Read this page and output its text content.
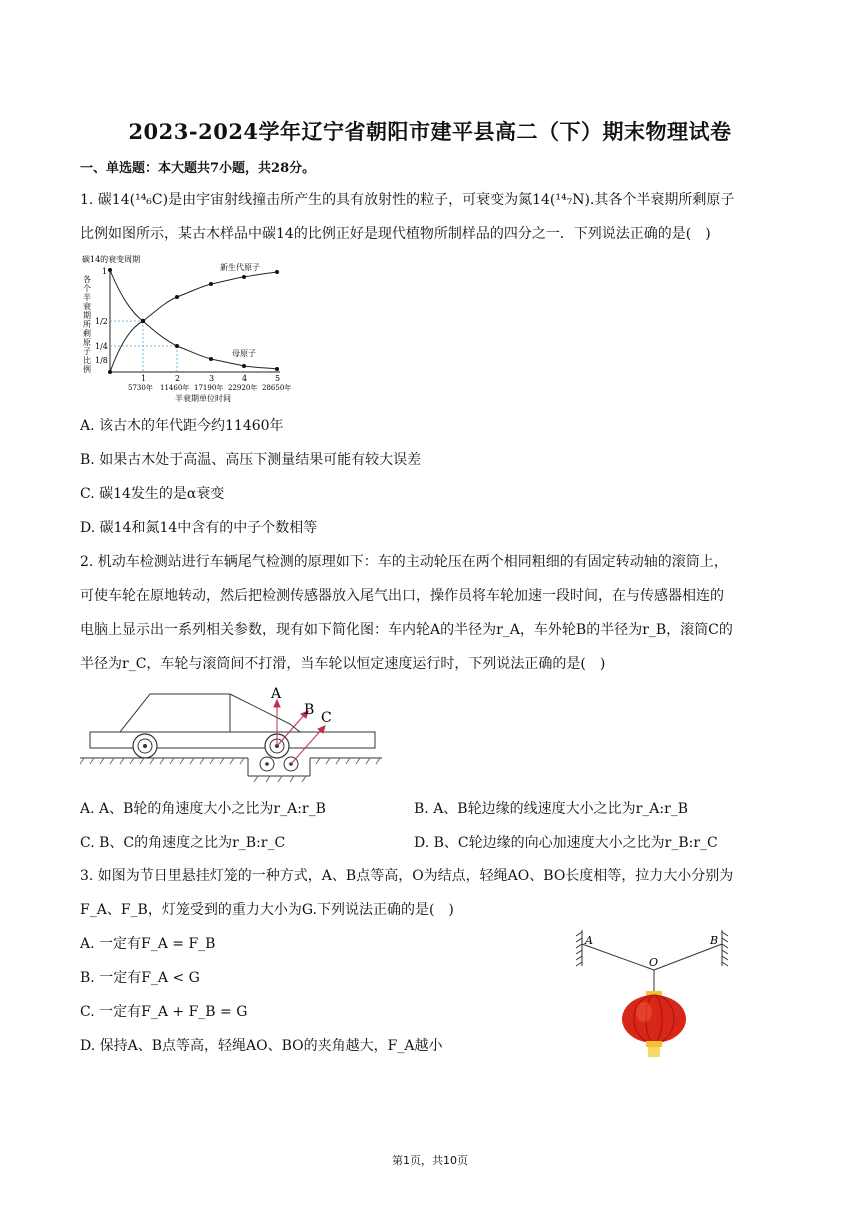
2023-2024学年辽宁省朝阳市建平县高二（下）期末物理试卷
一、单选题：本大题共7小题，共28分。
1. 碳14(¹⁴₆C)是由宇宙射线撞击所产生的具有放射性的粒子，可衰变为氮14(¹⁴₇N).其各个半衰期所剩原子
比例如图所示，某古木样品中碳14的比例正好是现代植物所制样品的四分之一．下列说法正确的是(　)
碳14的衰变周期
各个半衰期所剩原子比例
1
1/2
1/4
1/8
新生代原子
母原子
1	2	3	4	5
5730年 11460年 17190年 22920年 28650年
半衰期单位时间
A. 该古木的年代距今约11460年
B. 如果古木处于高温、高压下测量结果可能有较大误差
C. 碳14发生的是α衰变
D. 碳14和氮14中含有的中子个数相等
2. 机动车检测站进行车辆尾气检测的原理如下：车的主动轮压在两个相同粗细的有固定转动轴的滚筒上，
可使车轮在原地转动，然后把检测传感器放入尾气出口，操作员将车轮加速一段时间，在与传感器相连的
电脑上显示出一系列相关参数，现有如下简化图：车内轮A的半径为r_A，车外轮B的半径为r_B，滚筒C的
半径为r_C，车轮与滚筒间不打滑，当车轮以恒定速度运行时，下列说法正确的是(　)
A
B C
A. A、B轮的角速度大小之比为r_A:r_B	B. A、B轮边缘的线速度大小之比为r_A:r_B
C. B、C的角速度之比为r_B:r_C	D. B、C轮边缘的向心加速度大小之比为r_B:r_C
3. 如图为节日里悬挂灯笼的一种方式，A、B点等高，O为结点，轻绳AO、BO长度相等，拉力大小分别为
F_A、F_B，灯笼受到的重力大小为G.下列说法正确的是(　)
A. 一定有F_A = F_B
B. 一定有F_A < G
C. 一定有F_A + F_B = G
D. 保持A、B点等高，轻绳AO、BO的夹角越大，F_A越小
A	B
O
第1页，共10页
